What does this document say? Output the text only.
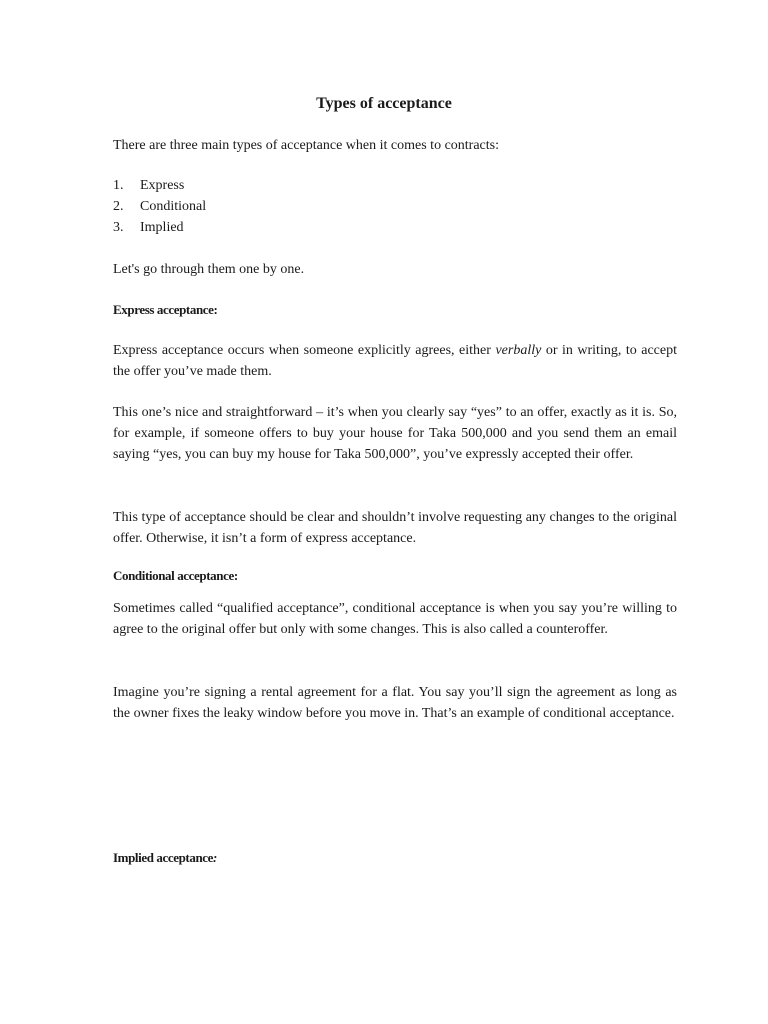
Types of acceptance

There are three main types of acceptance when it comes to contracts:

1.	Express
2.	Conditional
3.	Implied

Let's go through them one by one.

Express acceptance:

Express acceptance occurs when someone explicitly agrees, either verbally or in writing, to accept the offer you’ve made them.

This one’s nice and straightforward – it’s when you clearly say “yes” to an offer, exactly as it is. So, for example, if someone offers to buy your house for Taka 500,000 and you send them an email saying “yes, you can buy my house for Taka 500,000”, you’ve expressly accepted their offer.

This type of acceptance should be clear and shouldn’t involve requesting any changes to the original offer. Otherwise, it isn’t a form of express acceptance.

Conditional acceptance:

Sometimes called “qualified acceptance”, conditional acceptance is when you say you’re willing to agree to the original offer but only with some changes. This is also called a counteroffer.

Imagine you’re signing a rental agreement for a flat. You say you’ll sign the agreement as long as the owner fixes the leaky window before you move in. That’s an example of conditional acceptance.

Implied acceptance:
